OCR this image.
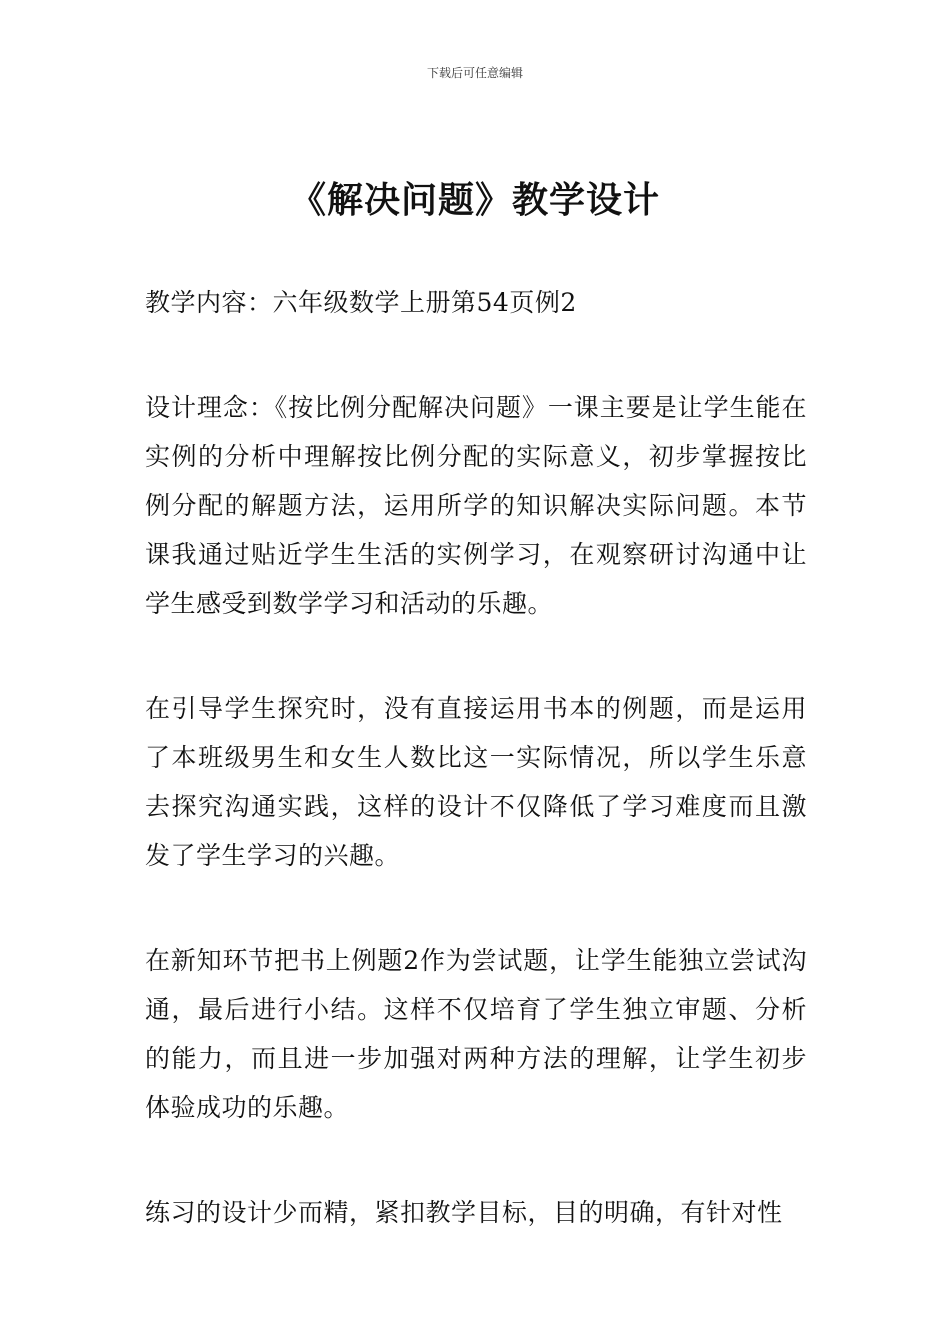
下载后可任意编辑
《解决问题》教学设计

教学内容：六年级数学上册第54页例2

设计理念：《按比例分配解决问题》一课主要是让学生能在实例的分析中理解按比例分配的实际意义，初步掌握按比例分配的解题方法，运用所学的知识解决实际问题。本节课我通过贴近学生生活的实例学习，在观察研讨沟通中让学生感受到数学学习和活动的乐趣。

在引导学生探究时，没有直接运用书本的例题，而是运用了本班级男生和女生人数比这一实际情况，所以学生乐意去探究沟通实践，这样的设计不仅降低了学习难度而且激发了学生学习的兴趣。

在新知环节把书上例题2作为尝试题，让学生能独立尝试沟通，最后进行小结。这样不仅培育了学生独立审题、分析的能力，而且进一步加强对两种方法的理解，让学生初步体验成功的乐趣。

练习的设计少而精，紧扣教学目标，目的明确，有针对性
